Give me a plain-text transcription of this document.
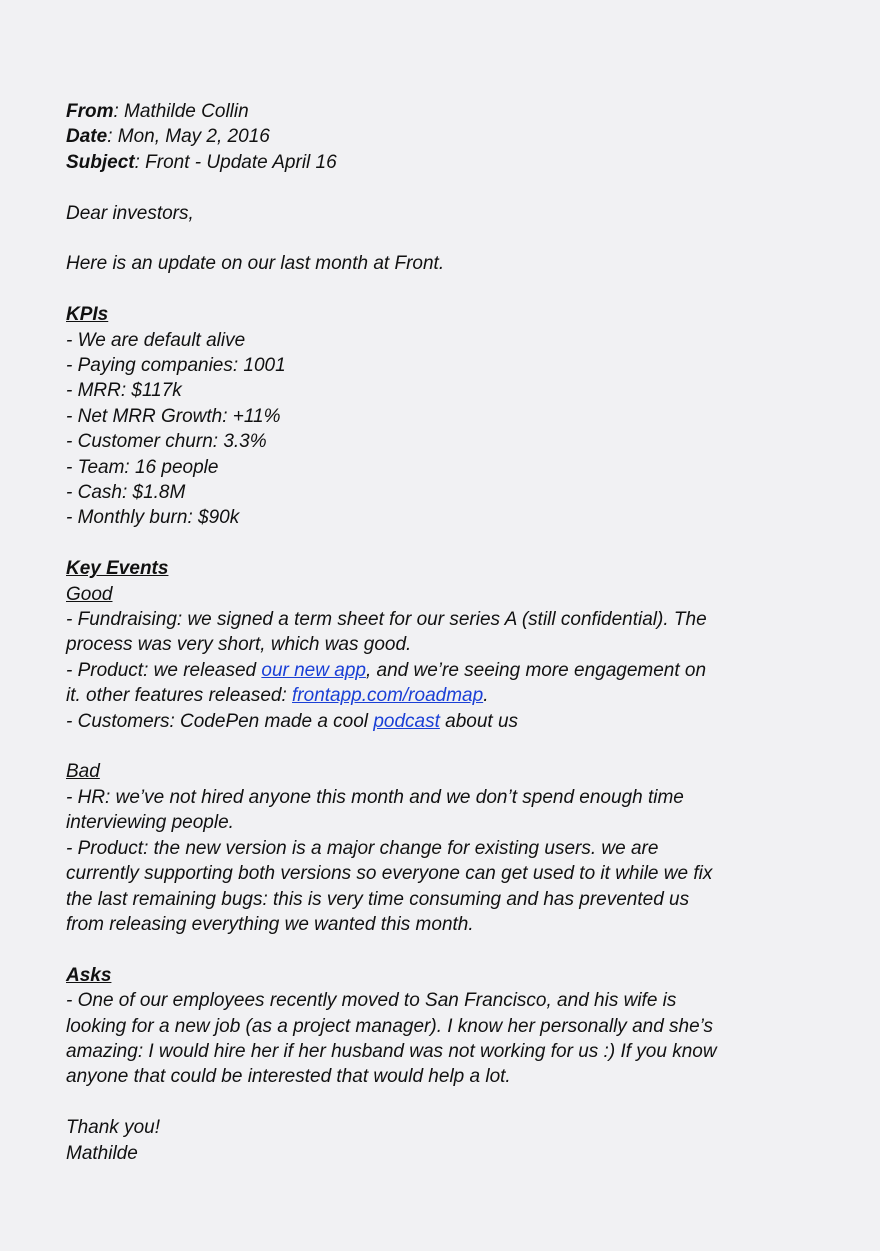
From: Mathilde Collin
Date: Mon, May 2, 2016
Subject: Front - Update April 16
Dear investors,
Here is an update on our last month at Front.
KPIs
- We are default alive
- Paying companies: 1001
- MRR: $117k
- Net MRR Growth: +11%
- Customer churn: 3.3%
- Team: 16 people
- Cash: $1.8M
- Monthly burn: $90k
Key Events
Good
- Fundraising: we signed a term sheet for our series A (still confidential). The
process was very short, which was good.
- Product: we released our new app, and we’re seeing more engagement on
it. other features released: frontapp.com/roadmap.
- Customers: CodePen made a cool podcast about us
Bad
- HR: we’ve not hired anyone this month and we don’t spend enough time
interviewing people.
- Product: the new version is a major change for existing users. we are
currently supporting both versions so everyone can get used to it while we fix
the last remaining bugs: this is very time consuming and has prevented us
from releasing everything we wanted this month.
Asks
- One of our employees recently moved to San Francisco, and his wife is
looking for a new job (as a project manager). I know her personally and she’s
amazing: I would hire her if her husband was not working for us :) If you know
anyone that could be interested that would help a lot.
Thank you!
Mathilde
